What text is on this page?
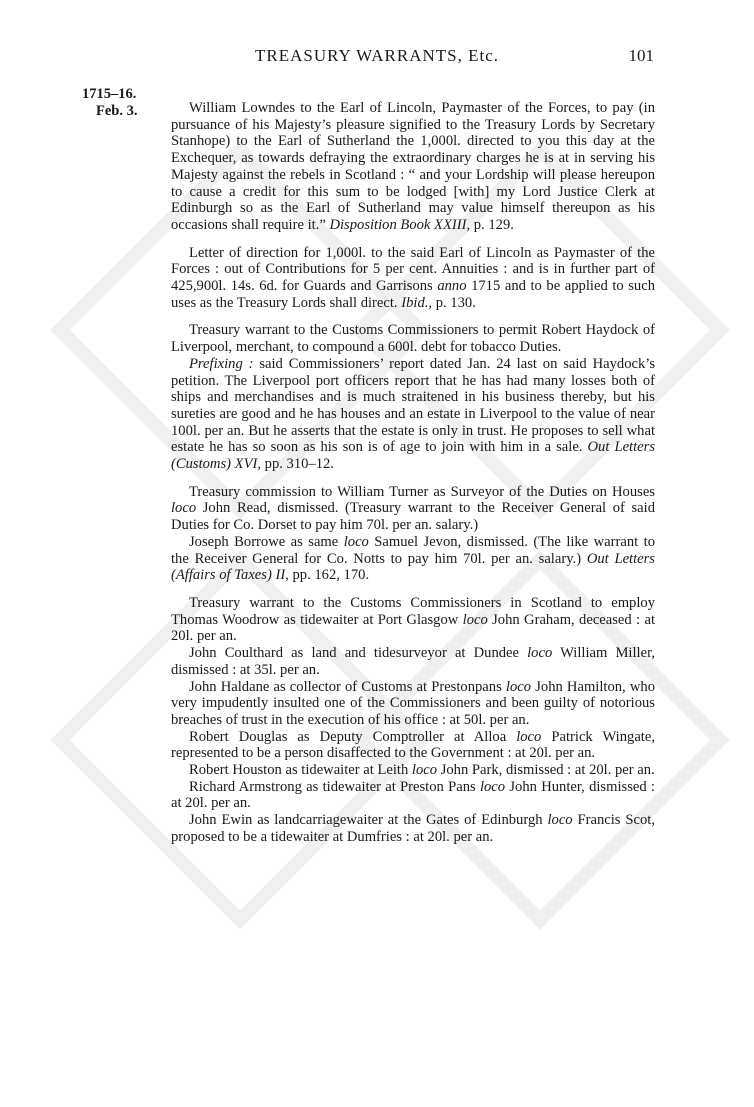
TREASURY WARRANTS, Etc.	101
1715–16.
Feb. 3.	William Lowndes to the Earl of Lincoln, Paymaster of the Forces, to pay (in pursuance of his Majesty’s pleasure signified to the Treasury Lords by Secretary Stanhope) to the Earl of Sutherland the 1,000l. directed to you this day at the Exchequer, as towards defraying the extraordinary charges he is at in serving his Majesty against the rebels in Scotland : “ and your Lordship will please hereupon to cause a credit for this sum to be lodged [with] my Lord Justice Clerk at Edinburgh so as the Earl of Sutherland may value himself thereupon as his occasions shall require it.” Disposition Book XXIII, p. 129.

Letter of direction for 1,000l. to the said Earl of Lincoln as Paymaster of the Forces : out of Contributions for 5 per cent. Annuities : and is in further part of 425,900l. 14s. 6d. for Guards and Garrisons anno 1715 and to be applied to such uses as the Treasury Lords shall direct. Ibid., p. 130.

Treasury warrant to the Customs Commissioners to permit Robert Haydock of Liverpool, merchant, to compound a 600l. debt for tobacco Duties.

Prefixing : said Commissioners’ report dated Jan. 24 last on said Haydock’s petition. The Liverpool port officers report that he has had many losses both of ships and merchandises and is much straitened in his business thereby, but his sureties are good and he has houses and an estate in Liverpool to the value of near 100l. per an. But he asserts that the estate is only in trust. He proposes to sell what estate he has so soon as his son is of age to join with him in a sale. Out Letters (Customs) XVI, pp. 310–12.

Treasury commission to William Turner as Surveyor of the Duties on Houses loco John Read, dismissed. (Treasury warrant to the Receiver General of said Duties for Co. Dorset to pay him 70l. per an. salary.)

Joseph Borrowe as same loco Samuel Jevon, dismissed. (The like warrant to the Receiver General for Co. Notts to pay him 70l. per an. salary.) Out Letters (Affairs of Taxes) II, pp. 162, 170.

Treasury warrant to the Customs Commissioners in Scotland to employ Thomas Woodrow as tidewaiter at Port Glasgow loco John Graham, deceased : at 20l. per an.

John Coulthard as land and tidesurveyor at Dundee loco William Miller, dismissed : at 35l. per an.

John Haldane as collector of Customs at Prestonpans loco John Hamilton, who very impudently insulted one of the Commissioners and been guilty of notorious breaches of trust in the execution of his office : at 50l. per an.

Robert Douglas as Deputy Comptroller at Alloa loco Patrick Wingate, represented to be a person disaffected to the Government : at 20l. per an.

Robert Houston as tidewaiter at Leith loco John Park, dismissed : at 20l. per an.

Richard Armstrong as tidewaiter at Preston Pans loco John Hunter, dismissed : at 20l. per an.

John Ewin as landcarriagewaiter at the Gates of Edinburgh loco Francis Scot, proposed to be a tidewaiter at Dumfries : at 20l. per an.
